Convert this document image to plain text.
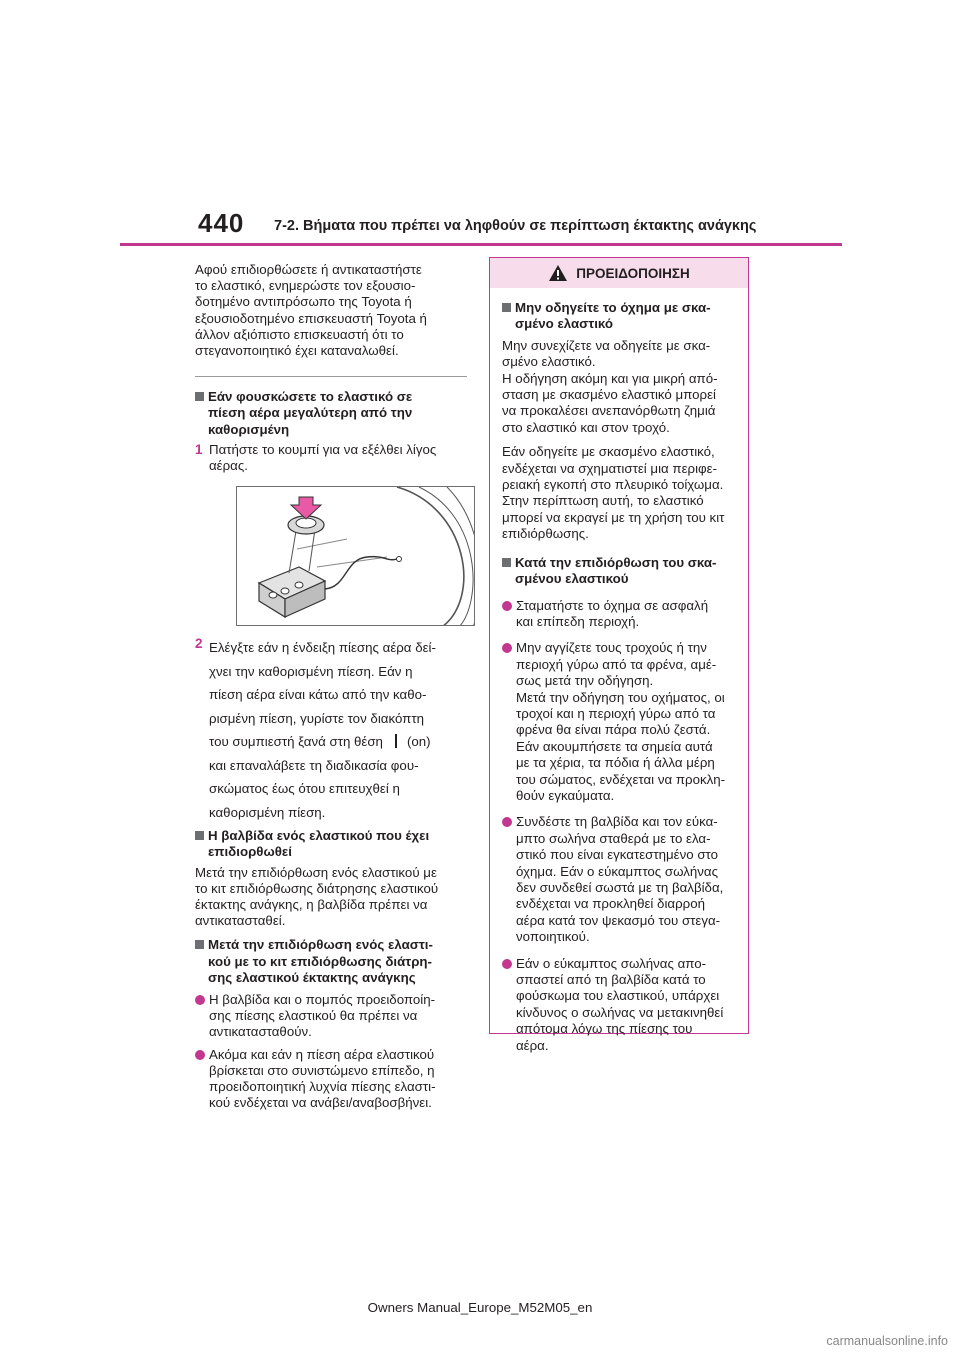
440 7-2. Βήματα που πρέπει να ληφθούν σε περίπτωση έκτακτης ανάγκης

Αφού επιδιορθώσετε ή αντικαταστήστε
το ελαστικό, ενημερώστε τον εξουσιο-
δοτημένο αντιπρόσωπο της Toyota ή
εξουσιοδοτημένο επισκευαστή Toyota ή
άλλον αξιόπιστο επισκευαστή ότι το
στεγανοποιητικό έχει καταναλωθεί.

Εάν φουσκώσετε το ελαστικό σε
πίεση αέρα μεγαλύτερη από την
καθορισμένη
1 Πατήστε το κουμπί για να εξέλθει λίγος
αέρας.
2 Ελέγξτε εάν η ένδειξη πίεσης αέρα δεί-
χνει την καθορισμένη πίεση. Εάν η
πίεση αέρα είναι κάτω από την καθο-
ρισμένη πίεση, γυρίστε τον διακόπτη
του συμπιεστή ξανά στη θέση (on)
και επαναλάβετε τη διαδικασία φου-
σκώματος έως ότου επιτευχθεί η
καθορισμένη πίεση.
Η βαλβίδα ενός ελαστικού που έχει
επιδιορθωθεί

Μετά την επιδιόρθωση ενός ελαστικού με
το κιτ επιδιόρθωσης διάτρησης ελαστικού
έκτακτης ανάγκης, η βαλβίδα πρέπει να
αντικατασταθεί.

Μετά την επιδιόρθωση ενός ελαστι-
κού με το κιτ επιδιόρθωσης διάτρη-
σης ελαστικού έκτακτης ανάγκης
Η βαλβίδα και ο πομπός προειδοποίη-
σης πίεσης ελαστικού θα πρέπει να
αντικατασταθούν.
Ακόμα και εάν η πίεση αέρα ελαστικού
βρίσκεται στο συνιστώμενο επίπεδο, η
προειδοποιητική λυχνία πίεσης ελαστι-
κού ενδέχεται να ανάβει/αναβοσβήνει.
ΠΡΟΕΙΔΟΠΟΙΗΣΗ
Μην οδηγείτε το όχημα με σκα-
σμένο ελαστικό

Μην συνεχίζετε να οδηγείτε με σκα-
σμένο ελαστικό.
Η οδήγηση ακόμη και για μικρή από-
σταση με σκασμένο ελαστικό μπορεί
να προκαλέσει ανεπανόρθωτη ζημιά
στο ελαστικό και στον τροχό.

Εάν οδηγείτε με σκασμένο ελαστικό,
ενδέχεται να σχηματιστεί μια περιφε-
ρειακή εγκοπή στο πλευρικό τοίχωμα.
Στην περίπτωση αυτή, το ελαστικό
μπορεί να εκραγεί με τη χρήση του κιτ
επιδιόρθωσης.

Κατά την επιδιόρθωση του σκα-
σμένου ελαστικού
Σταματήστε το όχημα σε ασφαλή
και επίπεδη περιοχή.
Μην αγγίζετε τους τροχούς ή την
περιοχή γύρω από τα φρένα, αμέ-
σως μετά την οδήγηση.
Μετά την οδήγηση του οχήματος, οι
τροχοί και η περιοχή γύρω από τα
φρένα θα είναι πάρα πολύ ζεστά.
Εάν ακουμπήσετε τα σημεία αυτά
με τα χέρια, τα πόδια ή άλλα μέρη
του σώματος, ενδέχεται να προκλη-
θούν εγκαύματα.
Συνδέστε τη βαλβίδα και τον εύκα-
μπτο σωλήνα σταθερά με το ελα-
στικό που είναι εγκατεστημένο στο
όχημα. Εάν ο εύκαμπτος σωλήνας
δεν συνδεθεί σωστά με τη βαλβίδα,
ενδέχεται να προκληθεί διαρροή
αέρα κατά τον ψεκασμό του στεγα-
νοποιητικού.
Εάν ο εύκαμπτος σωλήνας απο-
σπαστεί από τη βαλβίδα κατά το
φούσκωμα του ελαστικού, υπάρχει
κίνδυνος ο σωλήνας να μετακινηθεί
απότομα λόγω της πίεσης του
αέρα.
Owners Manual_Europe_M52M05_en
carmanualsonline.info
